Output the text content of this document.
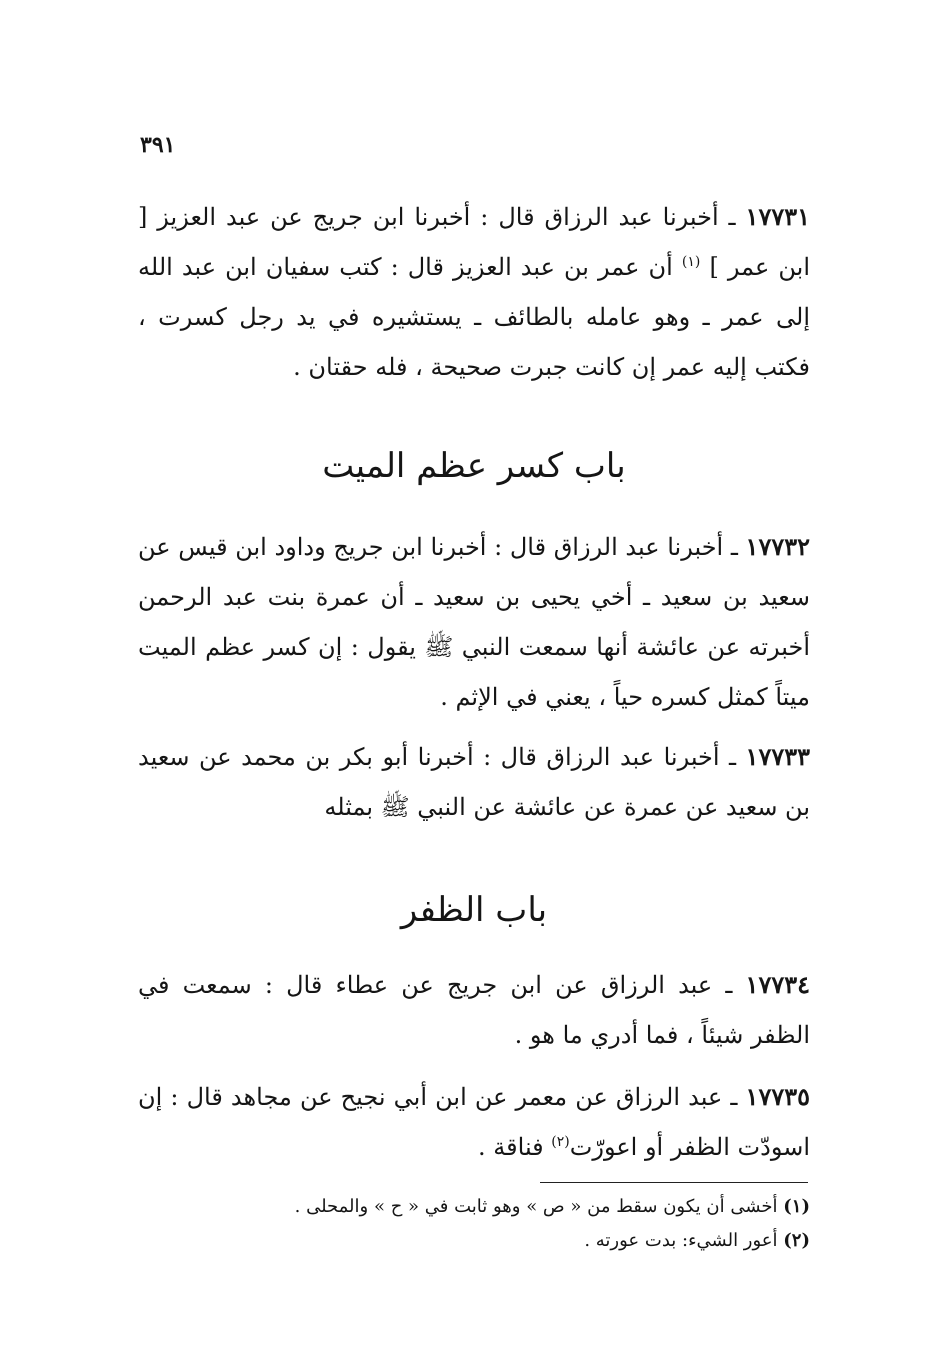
٣٩١
١٧٧٣١ ـ أخبرنا عبد الرزاق قال : أخبرنا ابن جريج عن عبد العزيز [ ابن عمر ] $^{(١)}$ أن عمر بن عبد العزيز قال : كتب سفيان ابن عبد الله إلى عمر ـ وهو عامله بالطائف ـ يستشيره في يد رجل كسرت ، فكتب إليه عمر إن كانت جبرت صحيحة ، فله حقتان .
باب كسر عظم الميت
١٧٧٣٢ ـ أخبرنا عبد الرزاق قال : أخبرنا ابن جريج وداود ابن قيس عن سعيد بن سعيد ـ أخي يحيى بن سعيد ـ أن عمرة بنت عبد الرحمن أخبرته عن عائشة أنها سمعت النبي ﷺ يقول : إن كسر عظم الميت ميتاً كمثل كسره حياً ، يعني في الإثم .
١٧٧٣٣ ـ أخبرنا عبد الرزاق قال : أخبرنا أبو بكر بن محمد عن سعيد بن سعيد عن عمرة عن عائشة عن النبي ﷺ بمثله
باب الظفر
١٧٧٣٤ ـ عبد الرزاق عن ابن جريج عن عطاء قال : سمعت في الظفر شيئاً ، فما أدري ما هو .
١٧٧٣٥ ـ عبد الرزاق عن معمر عن ابن أبي نجيح عن مجاهد قال : إن اسودّت الظفر أو اعورّت$^{(٢)}$ فناقة .
(١) أخشى أن يكون سقط من « ص » وهو ثابت في « ح » والمحلى .
(٢) أعور الشيء: بدت عورته .
